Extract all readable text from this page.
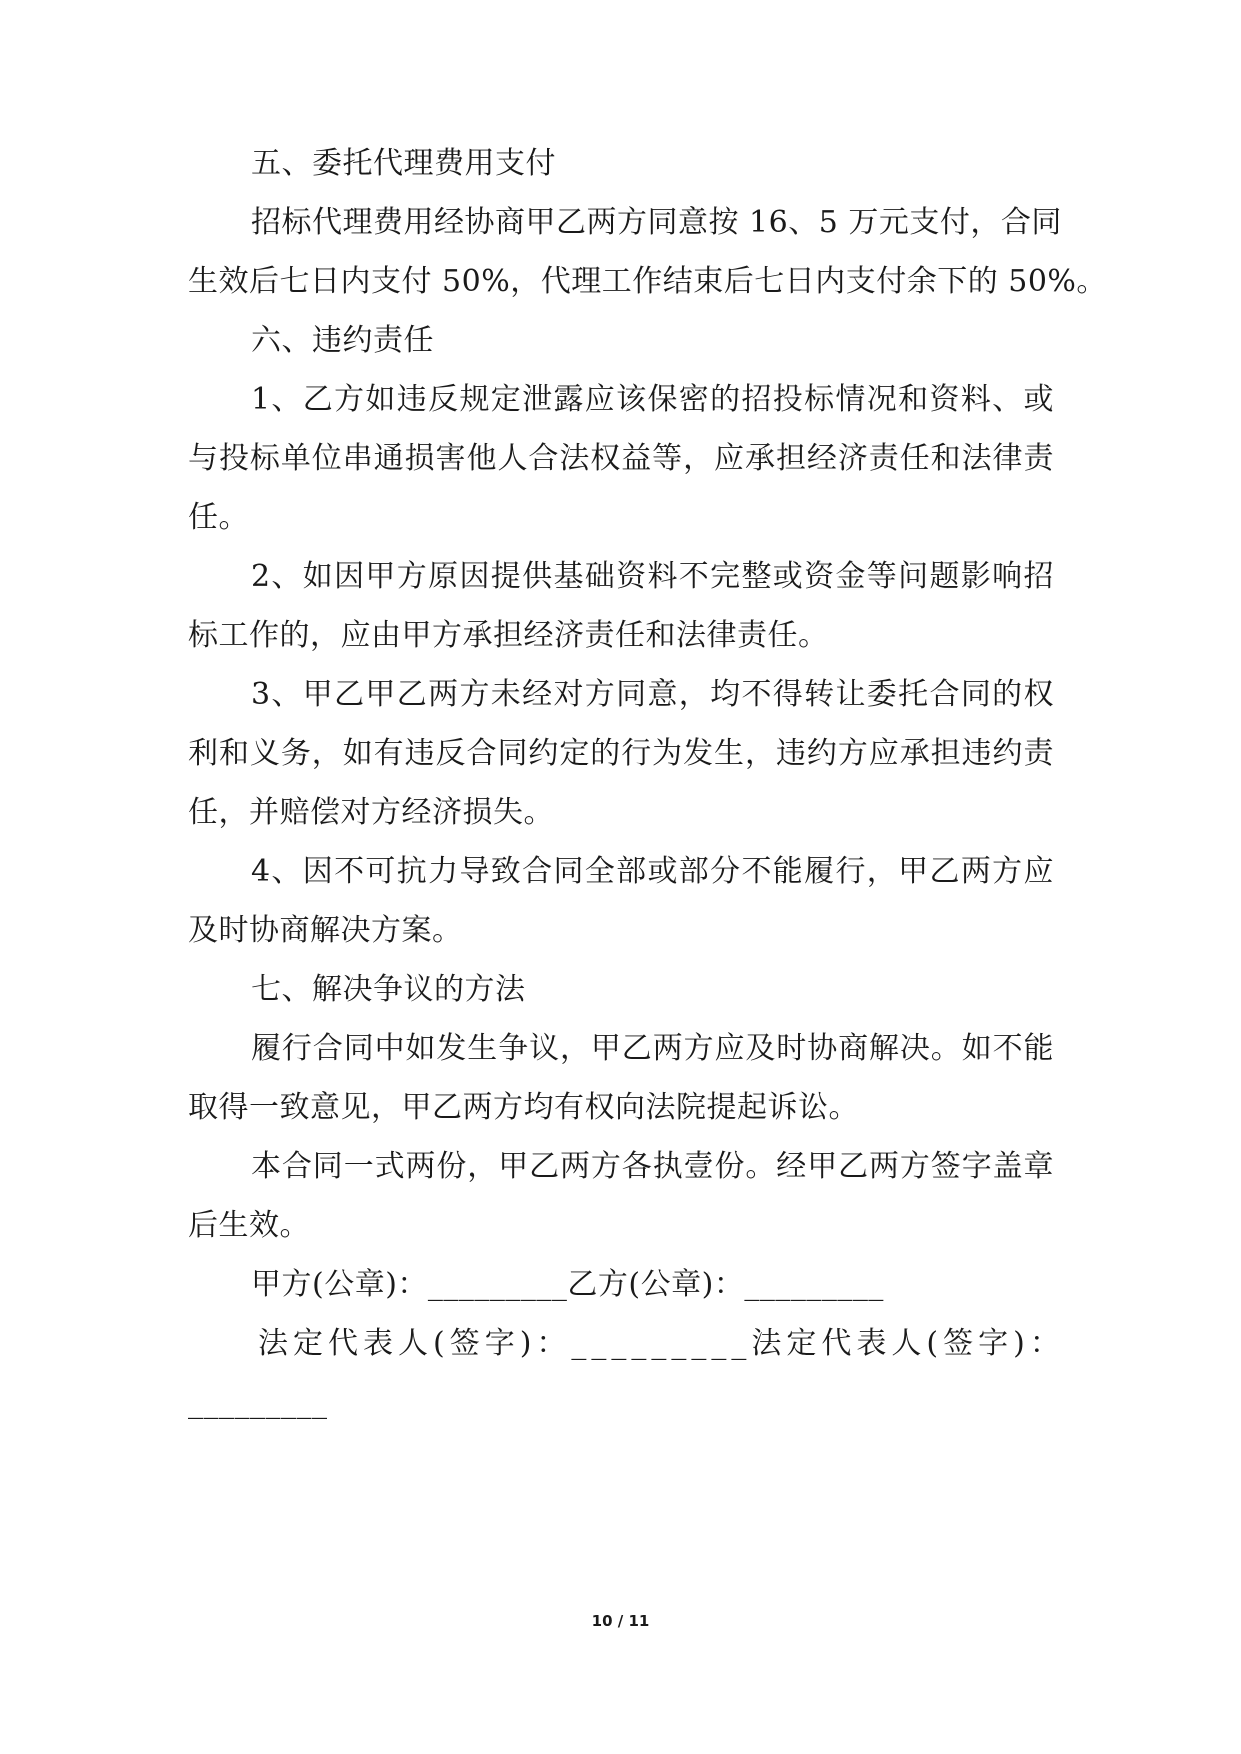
五、委托代理费用支付
招标代理费用经协商甲乙两方同意按 16、5 万元支付，合同
生效后七日内支付 50%，代理工作结束后七日内支付余下的 50%。
六、违约责任
1、乙方如违反规定泄露应该保密的招投标情况和资料、或
与投标单位串通损害他人合法权益等，应承担经济责任和法律责
任。
2、如因甲方原因提供基础资料不完整或资金等问题影响招
标工作的，应由甲方承担经济责任和法律责任。
3、甲乙甲乙两方未经对方同意，均不得转让委托合同的权
利和义务，如有违反合同约定的行为发生，违约方应承担违约责
任，并赔偿对方经济损失。
4、因不可抗力导致合同全部或部分不能履行，甲乙两方应
及时协商解决方案。
七、解决争议的方法
履行合同中如发生争议，甲乙两方应及时协商解决。如不能
取得一致意见，甲乙两方均有权向法院提起诉讼。
本合同一式两份，甲乙两方各执壹份。经甲乙两方签字盖章
后生效。
甲方(公章)：_________乙方(公章)：_________
法定代表人(签字)：_________法定代表人(签字)：
_________
10 / 11
